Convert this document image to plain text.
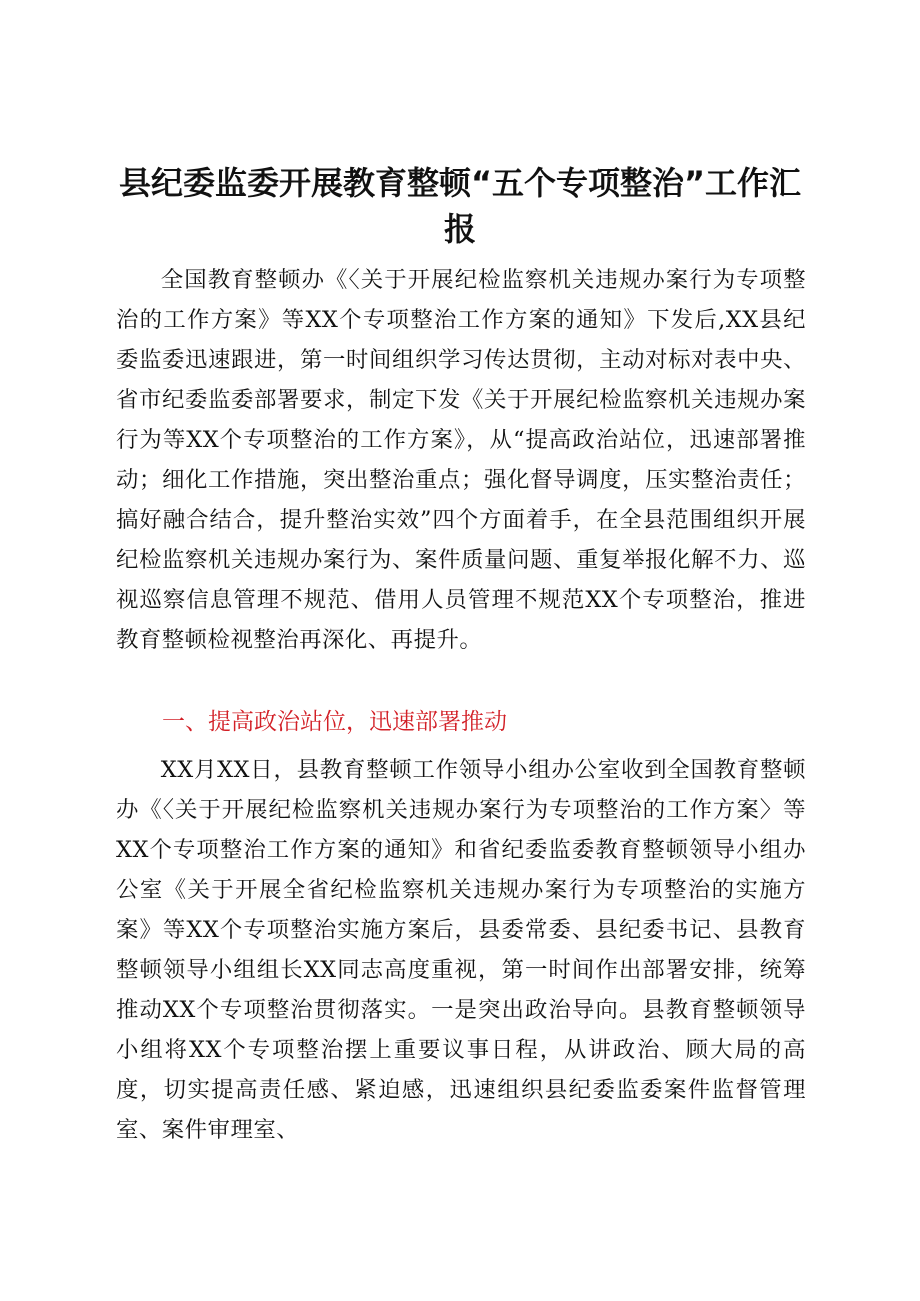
县纪委监委开展教育整顿“五个专项整治”工作汇报

全国教育整顿办《〈关于开展纪检监察机关违规办案行为专项整治的工作方案》等XX个专项整治工作方案的通知》下发后,XX县纪委监委迅速跟进，第一时间组织学习传达贯彻，主动对标对表中央、省市纪委监委部署要求，制定下发《关于开展纪检监察机关违规办案行为等XX个专项整治的工作方案》，从“提高政治站位，迅速部署推动；细化工作措施，突出整治重点；强化督导调度，压实整治责任；搞好融合结合，提升整治实效”四个方面着手，在全县范围组织开展纪检监察机关违规办案行为、案件质量问题、重复举报化解不力、巡视巡察信息管理不规范、借用人员管理不规范XX个专项整治，推进教育整顿检视整治再深化、再提升。

一、提高政治站位，迅速部署推动

XX月XX日，县教育整顿工作领导小组办公室收到全国教育整顿办《〈关于开展纪检监察机关违规办案行为专项整治的工作方案〉等XX个专项整治工作方案的通知》和省纪委监委教育整顿领导小组办公室《关于开展全省纪检监察机关违规办案行为专项整治的实施方案》等XX个专项整治实施方案后，县委常委、县纪委书记、县教育整顿领导小组组长XX同志高度重视，第一时间作出部署安排，统筹推动XX个专项整治贯彻落实。一是突出政治导向。县教育整顿领导小组将XX个专项整治摆上重要议事日程，从讲政治、顾大局的高度，切实提高责任感、紧迫感，迅速组织县纪委监委案件监督管理室、案件审理室、
